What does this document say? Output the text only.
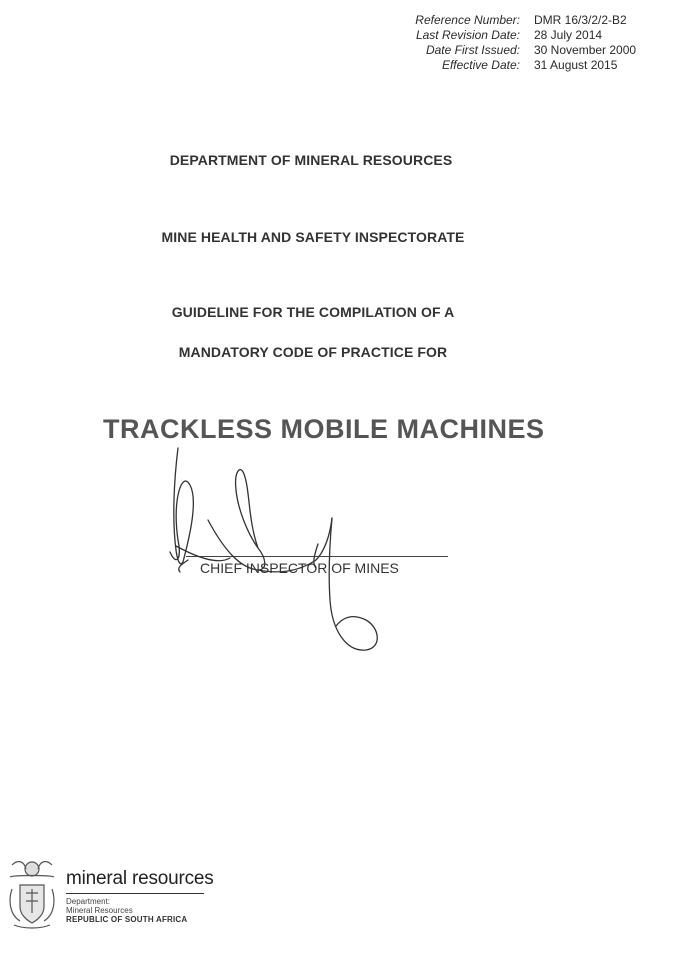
Reference Number:	DMR 16/3/2/2-B2
Last Revision Date:	28 July 2014
Date First Issued:	30 November 2000
Effective Date:	31 August 2015
DEPARTMENT OF MINERAL RESOURCES
MINE HEALTH AND SAFETY INSPECTORATE
GUIDELINE FOR THE COMPILATION OF A
MANDATORY CODE OF PRACTICE FOR
TRACKLESS MOBILE MACHINES
CHIEF INSPECTOR OF MINES
mineral resources
Department:
Mineral Resources
REPUBLIC OF SOUTH AFRICA
